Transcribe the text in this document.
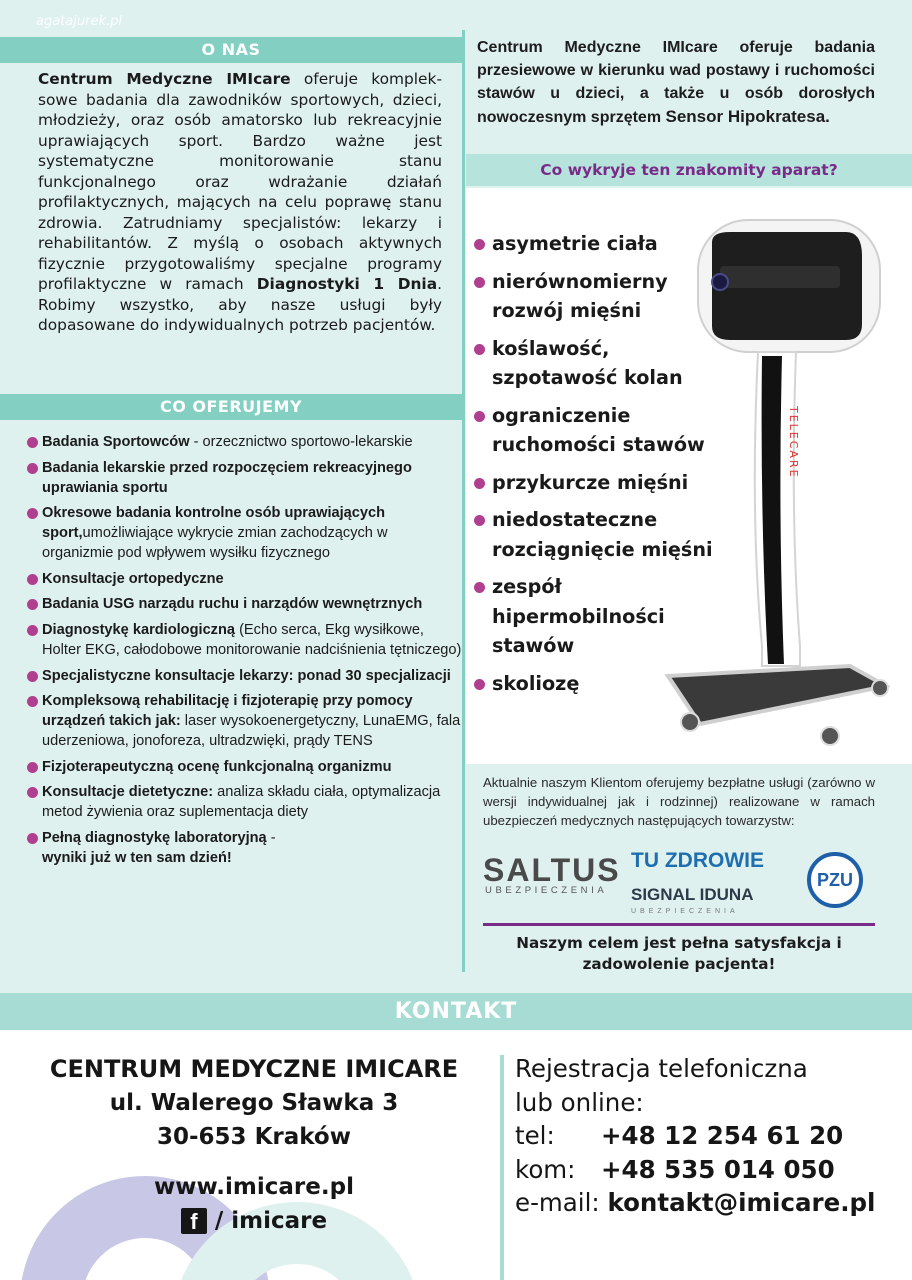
agatajurek.pl
O NAS
Centrum Medyczne IMIcare oferuje kompleksowe badania dla zawodników sportowych, dzieci, młodzieży, oraz osób amatorsko lub rekreacyjnie uprawiających sport. Bardzo ważne jest systematyczne monitorowanie stanu funkcjonalnego oraz wdrażanie działań profilaktycznych, mających na celu poprawę stanu zdrowia. Zatrudniamy specjalistów: lekarzy i rehabilitantów. Z myślą o osobach aktywnych fizycznie przygotowaliśmy specjalne programy profilaktyczne w ramach Diagnostyki 1 Dnia. Robimy wszystko, aby nasze usługi były dopasowane do indywidualnych potrzeb pacjentów.
CO OFERUJEMY
Badania Sportowców - orzecznictwo sportowo-lekarskie
Badania lekarskie przed rozpoczęciem rekreacyjnego uprawiania sportu
Okresowe badania kontrolne osób uprawiających sport,umożliwiające wykrycie zmian zachodzących w organizmie pod wpływem wysiłku fizycznego
Konsultacje ortopedyczne
Badania USG narządu ruchu i narządów wewnętrznych
Diagnostykę kardiologiczną (Echo serca, Ekg wysiłkowe, Holter EKG, całodobowe monitorowanie nadciśnienia tętniczego)
Specjalistyczne konsultacje lekarzy: ponad 30 specjalizacji
Kompleksową rehabilitację i fizjoterapię przy pomocy urządzeń takich jak: laser wysokoenergetyczny, LunaEMG, fala uderzeniowa, jonoforeza, ultradzwięki, prądy TENS
Fizjoterapeutyczną ocenę funkcjonalną organizmu
Konsultacje dietetyczne: analiza składu ciała, optymalizacja metod żywienia oraz suplementacja diety
Pełną diagnostykę laboratoryjną -
wyniki już w ten sam dzień!
Centrum Medyczne IMIcare oferuje badania przesiewowe w kierunku wad postawy i ruchomości stawów u dzieci, a także u osób dorosłych nowoczesnym sprzętem Sensor Hipokratesa.
Co wykryje ten znakomity aparat?
asymetrie ciała
nierównomierny rozwój mięśni
koślawość, szpotawość kolan
ograniczenie ruchomości stawów
przykurcze mięśni
niedostateczne rozciągnięcie mięśni
zespół hipermobilności stawów
skoliozę
TELECARE
Aktualnie naszym Klientom oferujemy bezpłatne usługi (zarówno w wersji indywidualnej jak i rodzinnej) realizowane w ramach ubezpieczeń medycznych następujących towarzystw:
SALTUS
UBEZPIECZENIA
TU ZDROWIE
SIGNAL IDUNA
UBEZPIECZENIA
PZU
Naszym celem jest pełna satysfakcja i zadowolenie pacjenta!
KONTAKT
CENTRUM MEDYCZNE IMICARE
ul. Walerego Sławka 3
30-653 Kraków
www.imicare.pl
f / imicare
Rejestracja telefoniczna
lub online:
tel:	+48 12 254 61 20
kom:	+48 535 014 050
e-mail:
kontakt@imicare.pl
